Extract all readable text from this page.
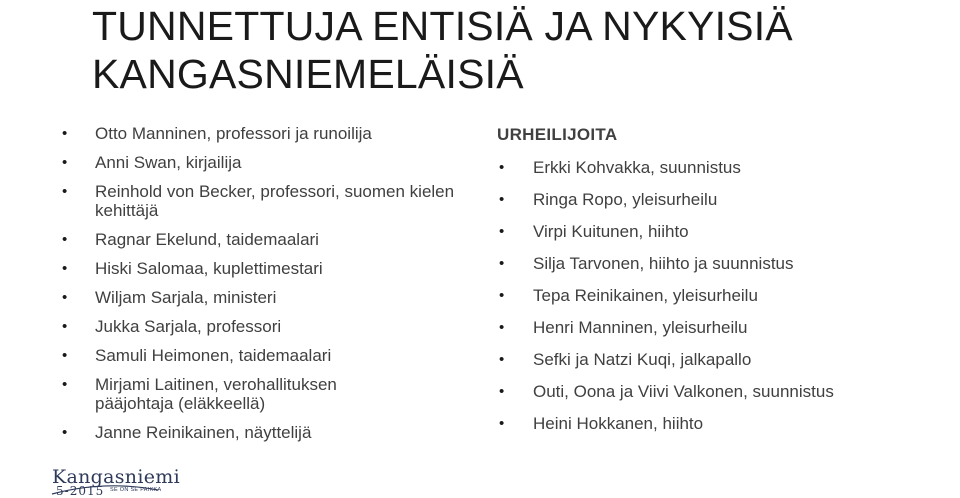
TUNNETTUJA ENTISIÄ JA NYKYISIÄ
KANGASNIEMELÄISIÄ
• Otto Manninen, professori ja runoilija
• Anni Swan, kirjailija
• Reinhold von Becker, professori, suomen kielen kehittäjä
• Ragnar Ekelund, taidemaalari
• Hiski Salomaa, kuplettimestari
• Wiljam Sarjala, ministeri
• Jukka Sarjala, professori
• Samuli Heimonen, taidemaalari
• Mirjami Laitinen, verohallituksen pääjohtaja (eläkkeellä)
• Janne Reinikainen, näyttelijä
URHEILIJOITA
• Erkki Kohvakka, suunnistus
• Ringa Ropo, yleisurheilu
• Virpi Kuitunen, hiihto
• Silja Tarvonen, hiihto ja suunnistus
• Tepa Reinikainen, yleisurheilu
• Henri Manninen, yleisurheilu
• Sefki ja Natzi Kuqi, jalkapallo
• Outi, Oona ja Viivi Valkonen, suunnistus
• Heini Hokkanen, hiihto
Kangasniemi
5-2015 SE ON SE PAIKKA
